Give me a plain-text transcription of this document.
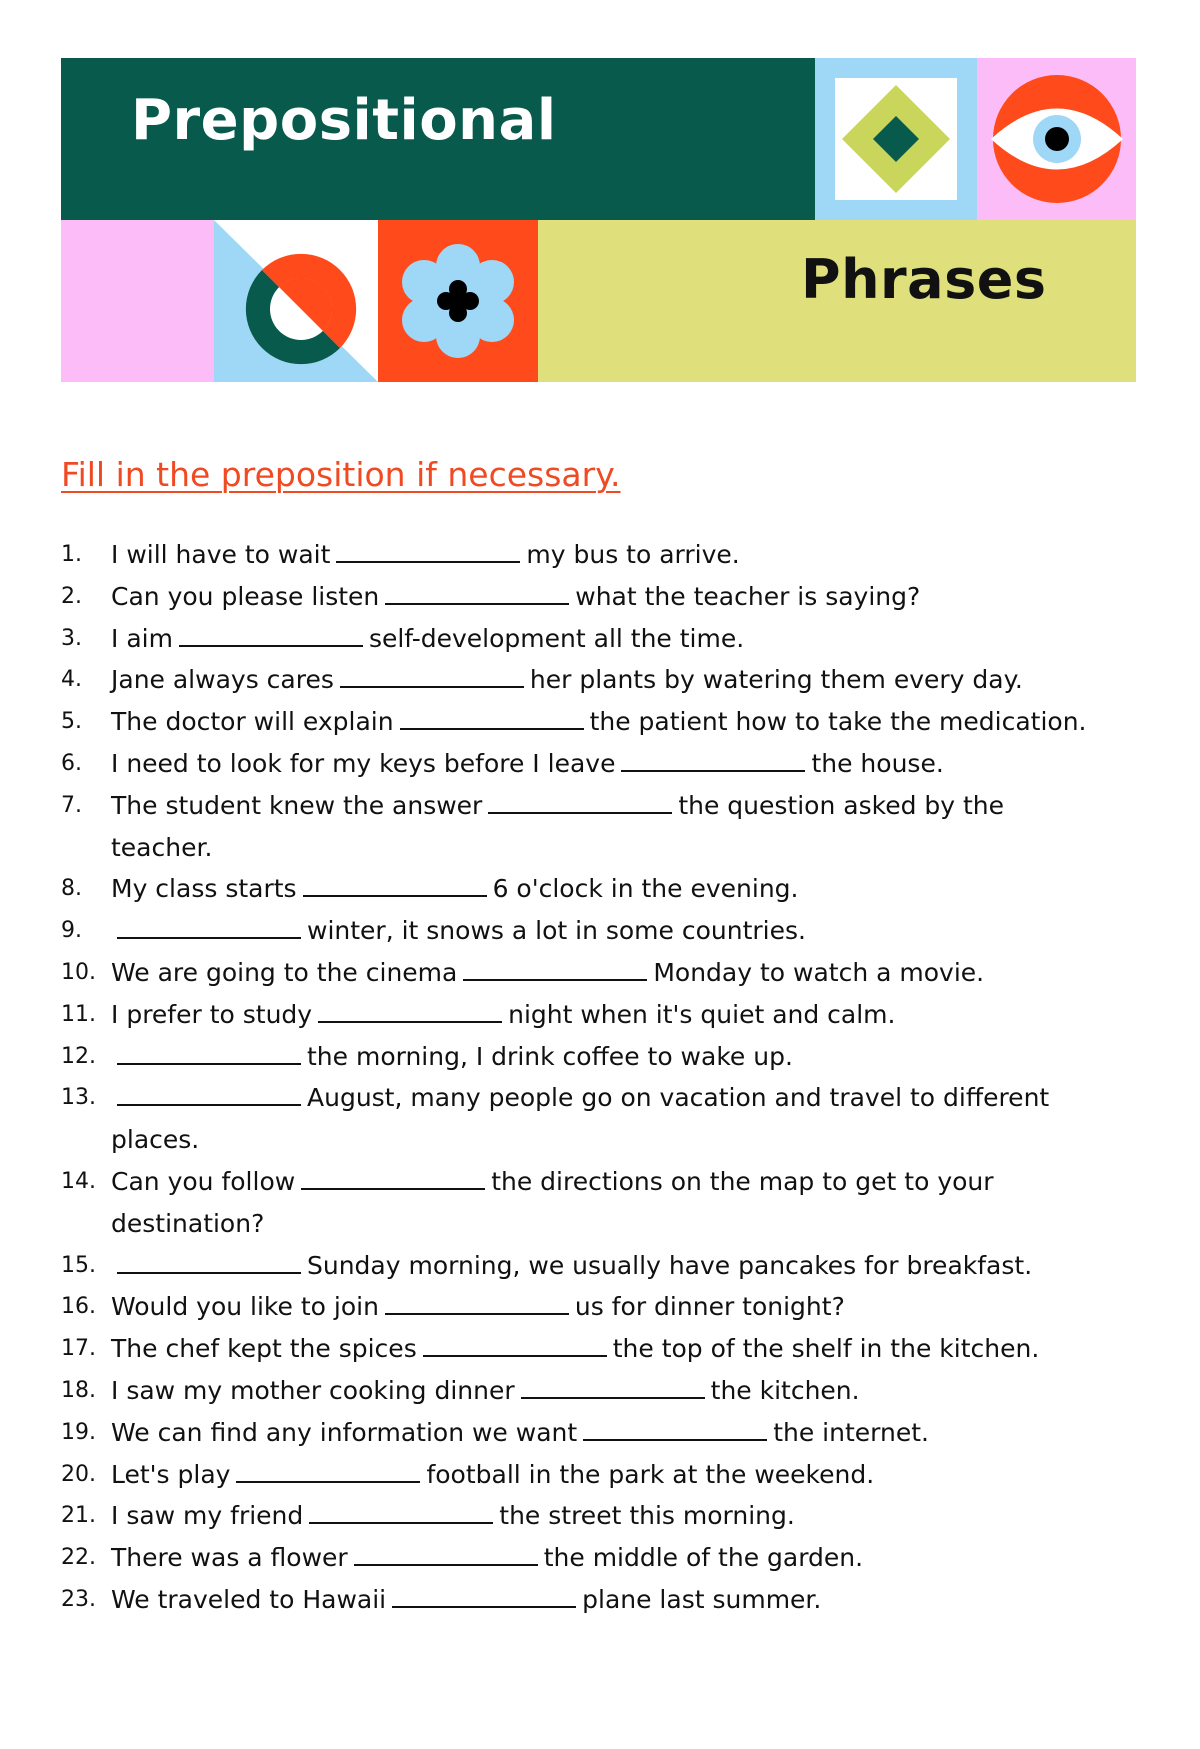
Prepositional
Phrases
Fill in the preposition if necessary.
1. I will have to wait	my bus to arrive.
2. Can you please listen	what the teacher is saying?
3. I aim	self-development all the time.
4. Jane always cares	her plants by watering them every day.
5. The doctor will explain	the patient how to take the medication.
6. I need to look for my keys before I leave	the house.
7. The student knew the answer	the question asked by the teacher.
8. My class starts	6 o'clock in the evening.
9.	winter, it snows a lot in some countries.
10. We are going to the cinema	Monday to watch a movie.
11. I prefer to study	night when it's quiet and calm.
12.	the morning, I drink coffee to wake up.
13.	August, many people go on vacation and travel to different places.
14. Can you follow	the directions on the map to get to your destination?
15.	Sunday morning, we usually have pancakes for breakfast.
16. Would you like to join	us for dinner tonight?
17. The chef kept the spices	the top of the shelf in the kitchen.
18. I saw my mother cooking dinner	the kitchen.
19. We can find any information we want	the internet.
20. Let's play	football in the park at the weekend.
21. I saw my friend	the street this morning.
22. There was a flower	the middle of the garden.
23. We traveled to Hawaii	plane last summer.
